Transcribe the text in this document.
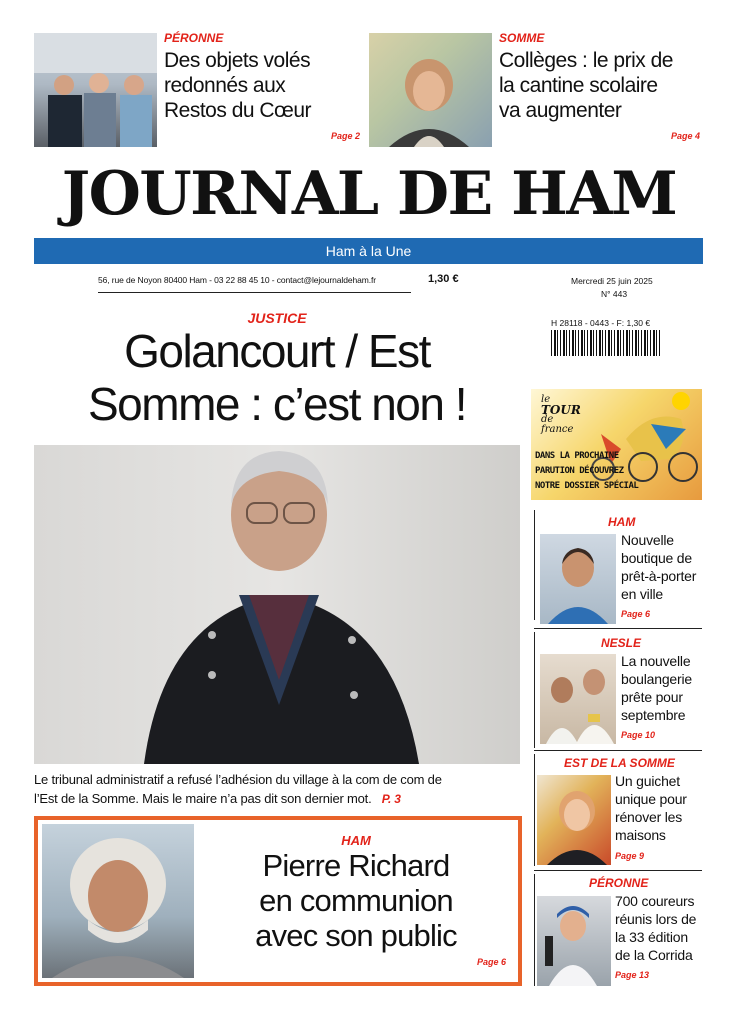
PÉRONNE
Des objets volés
redonnés aux
Restos du Cœur
Page 2
SOMME
Collèges : le prix de
la cantine scolaire
va augmenter
Page 4
JOURNAL DE HAM
Ham à la Une
56, rue de Noyon 80400 Ham - 03 22 88 45 10 - contact@lejournaldeham.fr	1,30 €	Mercredi 25 juin 2025
N° 443
H 28118 - 0443 - F: 1,30 €
JUSTICE
Golancourt / Est
Somme : c’est non !
Le tribunal administratif a refusé l’adhésion du village à la com de com de
l’Est de la Somme. Mais le maire n’a pas dit son dernier mot. P. 3
HAM
Pierre Richard
en communion
avec son public
Page 6
le
TOUR
de
france
DANS LA PROCHAINE
PARUTION DÉCOUVREZ
NOTRE DOSSIER SPÉCIAL
HAM
Nouvelle
boutique de
prêt-à-porter
en ville
Page 6
NESLE
La nouvelle
boulangerie
prête pour
septembre
Page 10
EST DE LA SOMME
Un guichet
unique pour
rénover les
maisons
Page 9
PÉRONNE
700 coureurs
réunis lors de
la 33 édition
de la Corrida
Page 13
